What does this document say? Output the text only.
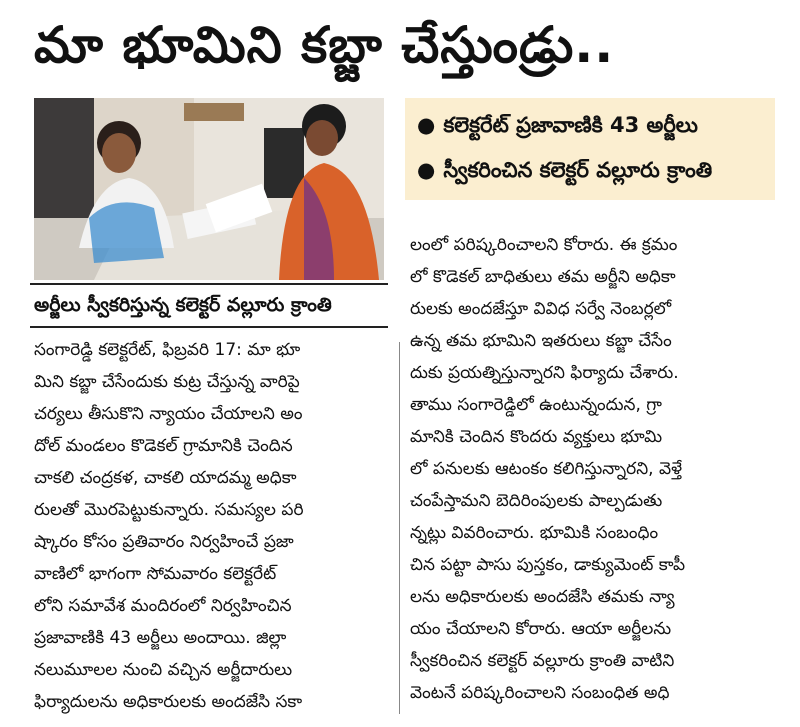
మా భూమిని కబ్జా చేస్తుండ్రు..
అర్జీలు స్వీకరిస్తున్న కలెక్టర్ వల్లూరు క్రాంతి
● కలెక్టరేట్ ప్రజావాణికి 43 అర్జీలు
● స్వీకరించిన కలెక్టర్ వల్లూరు క్రాంతి
సంగారెడ్డి కలెక్టరేట్, ఫిబ్రవరి 17: మా భూ
మిని కబ్జా చేసేందుకు కుట్ర చేస్తున్న వారిపై
చర్యలు తీసుకొని న్యాయం చేయాలని అం
దోల్ మండలం కొడెకల్ గ్రామానికి చెందిన
చాకలి చంద్రకళ, చాకలి యాదమ్మ అధికా
రులతో మొరపెట్టుకున్నారు. సమస్యల పరి
ష్కారం కోసం ప్రతివారం నిర్వహించే ప్రజా
వాణిలో భాగంగా సోమవారం కలెక్టరేట్
లోని సమావేశ మందిరంలో నిర్వహించిన
ప్రజావాణికి 43 అర్జీలు అందాయి. జిల్లా
నలుమూలల నుంచి వచ్చిన అర్జీదారులు
ఫిర్యాదులను అధికారులకు అందజేసి సకా
లంలో పరిష్కరించాలని కోరారు. ఈ క్రమం
లో కొడెకల్ బాధితులు తమ అర్జీని అధికా
రులకు అందజేస్తూ వివిధ సర్వే నెంబర్లలో
ఉన్న తమ భూమిని ఇతరులు కబ్జా చేసేం
దుకు ప్రయత్నిస్తున్నారని ఫిర్యాదు చేశారు.
తాము సంగారెడ్డిలో ఉంటున్నందున, గ్రా
మానికి చెందిన కొందరు వ్యక్తులు భూమి
లో పనులకు ఆటంకం కలిగిస్తున్నారని, వెళ్తే
చంపేస్తామని బెదిరింపులకు పాల్పడుతు
న్నట్లు వివరించారు. భూమికి సంబంధిం
చిన పట్టా పాసు పుస్తకం, డాక్యుమెంట్ కాపీ
లను అధికారులకు అందజేసి తమకు న్యా
యం చేయాలని కోరారు. ఆయా అర్జీలను
స్వీకరించిన కలెక్టర్ వల్లూరు క్రాంతి వాటిని
వెంటనే పరిష్కరించాలని సంబంధిత అధి
